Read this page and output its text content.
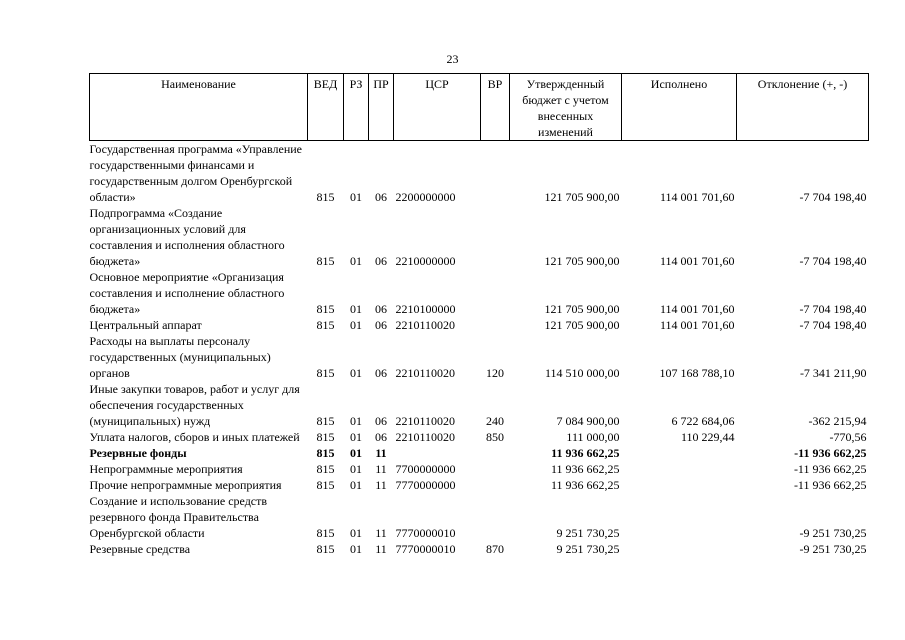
23
Наименование	ВЕД	РЗ	ПР	ЦСР	ВР	Утвержденный бюджет с учетом внесенных изменений	Исполнено	Отклонение (+, -)
Государственная программа «Управление государственными финансами и государственным долгом Оренбургской области»	815	01	06	2200000000		121 705 900,00	114 001 701,60	-7 704 198,40
Подпрограмма «Создание организационных условий для составления и исполнения областного бюджета»	815	01	06	2210000000		121 705 900,00	114 001 701,60	-7 704 198,40
Основное мероприятие «Организация составления и исполнение областного бюджета»	815	01	06	2210100000		121 705 900,00	114 001 701,60	-7 704 198,40
Центральный аппарат	815	01	06	2210110020		121 705 900,00	114 001 701,60	-7 704 198,40
Расходы на выплаты персоналу государственных (муниципальных) органов	815	01	06	2210110020	120	114 510 000,00	107 168 788,10	-7 341 211,90
Иные закупки товаров, работ и услуг для обеспечения государственных (муниципальных) нужд	815	01	06	2210110020	240	7 084 900,00	6 722 684,06	-362 215,94
Уплата налогов, сборов и иных платежей	815	01	06	2210110020	850	111 000,00	110 229,44	-770,56
Резервные фонды	815	01	11			11 936 662,25		-11 936 662,25
Непрограммные мероприятия	815	01	11	7700000000		11 936 662,25		-11 936 662,25
Прочие непрограммные мероприятия	815	01	11	7770000000		11 936 662,25		-11 936 662,25
Создание и использование средств резервного фонда Правительства Оренбургской области	815	01	11	7770000010		9 251 730,25		-9 251 730,25
Резервные средства	815	01	11	7770000010	870	9 251 730,25		-9 251 730,25
